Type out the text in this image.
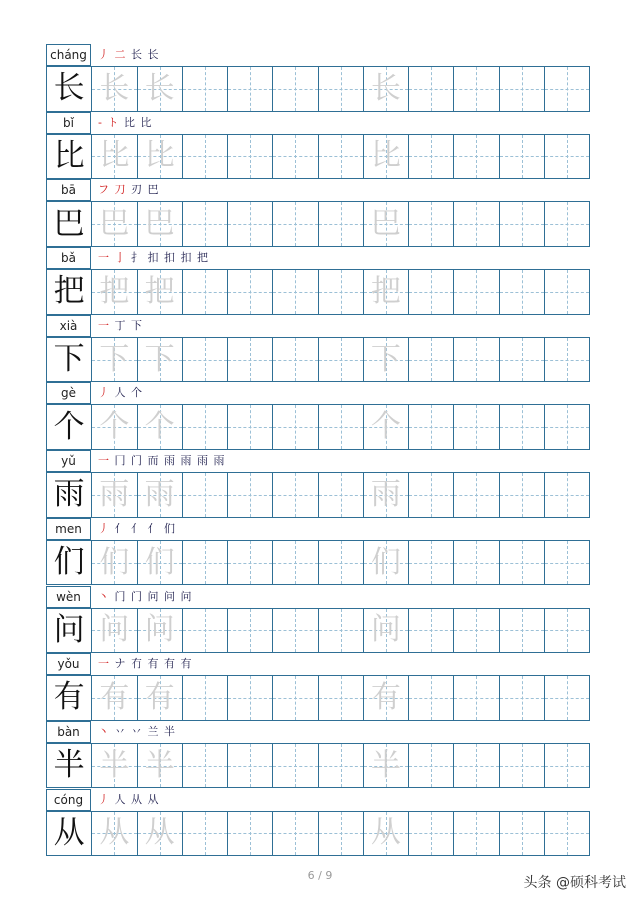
cháng	丿 二 长 长
长 长 长	长
bǐ	- ト 比 比
比 比 比	比
bā	フ 刀 刃 巴
巴 巴 巴	巴
bǎ	一 亅 扌 扣 扣 扣 把
把 把 把	把
xià	一 丁 下
下 下 下	下
gè	丿 人 个
个 个 个	个
yǔ	一 冂 门 而 雨 雨 雨 雨
雨 雨 雨	雨
men	丿 亻 亻 亻 们
们 们 们	们
wèn	丶 门 门 问 问 问
问 问 问	问
yǒu	一 ナ 冇 有 有 有
有 有 有	有
bàn	丶 丷 丷 兰 半
半 半 半	半
cóng	丿 人 从 从
从 从 从	从
6 / 9	头条 @硕科考试
